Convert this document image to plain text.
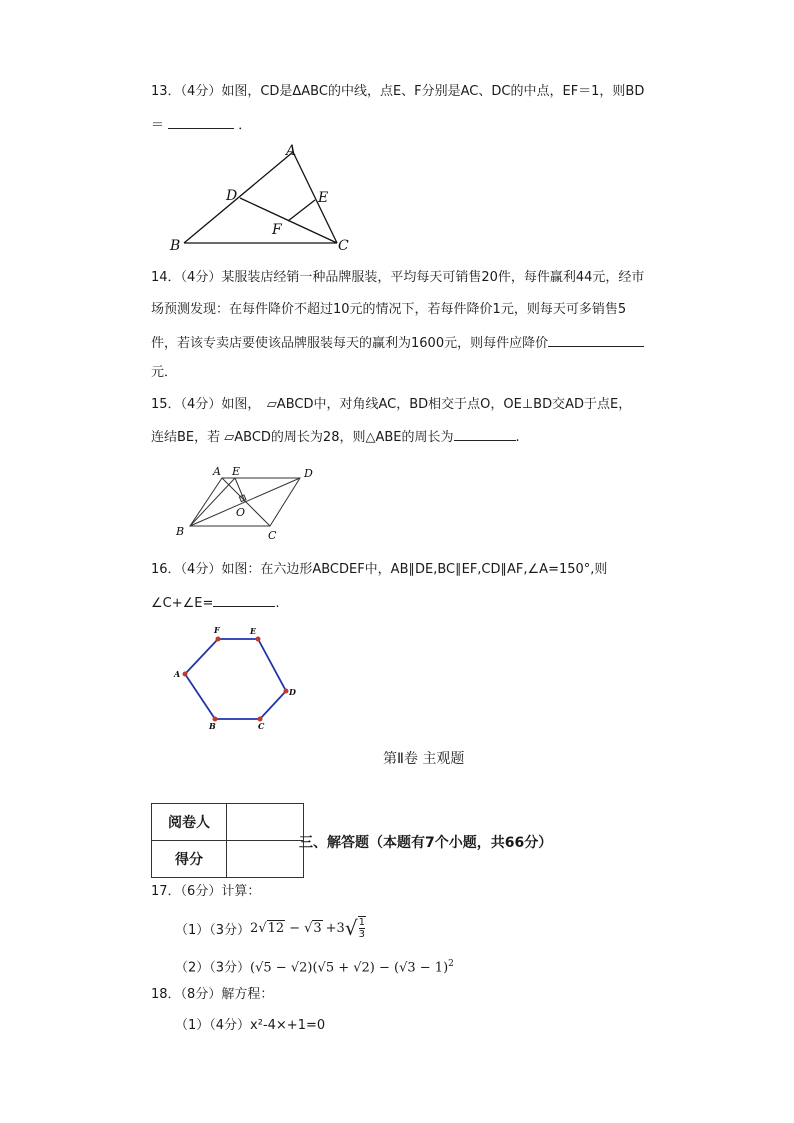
13．（4分）如图，CD是ΔABC的中线，点E、F分别是AC、DC的中点，EF＝1，则BD
＝	．
A
B	C
D	E
F
14．（4分）某服装店经销一种品牌服装，平均每天可销售20件，每件赢利44元，经市
场预测发现：在每件降价不超过10元的情况下，若每件降价1元，则每天可多销售5
件，若该专卖店要使该品牌服装每天的赢利为1600元，则每件应降价
元．
15．（4分）如图，　▱ABCD中，对角线AC，BD相交于点O，OE⊥BD交AD于点E，
连结BE，若 ▱ABCD的周长为28，则△ABE的周长为	.
A E	D
B	C
O
16．（4分）如图：在六边形ABCDEF中，AB∥DE,BC∥EF,CD∥AF,∠A=150°,则
∠C+∠E=	.
A
F	E
D
C
B
第Ⅱ卷 主观题
阅卷人	
得分	
三、解答题（本题有7个小题，共66分）
17．（6分）计算：
（1）（3分） 2 √ 12 − √ 3 +3 √ $\frac{1}{3}$
（2）（3分）$(√5 - √2)(√5 + √2) - (√3 - 1)^2$
18．（8分）解方程：
（1）（4分）x²-4×+1=0
